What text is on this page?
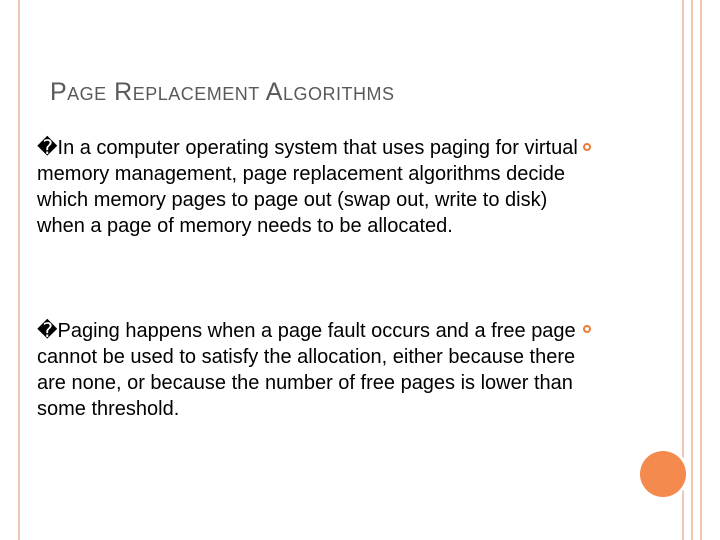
Page Replacement Algorithms
�In a computer operating system that uses paging for virtual memory management, page replacement algorithms decide which memory pages to page out (swap out, write to disk) when a page of memory needs to be allocated.
�Paging happens when a page fault occurs and a free page cannot be used to satisfy the allocation, either because there are none, or because the number of free pages is lower than some threshold.
